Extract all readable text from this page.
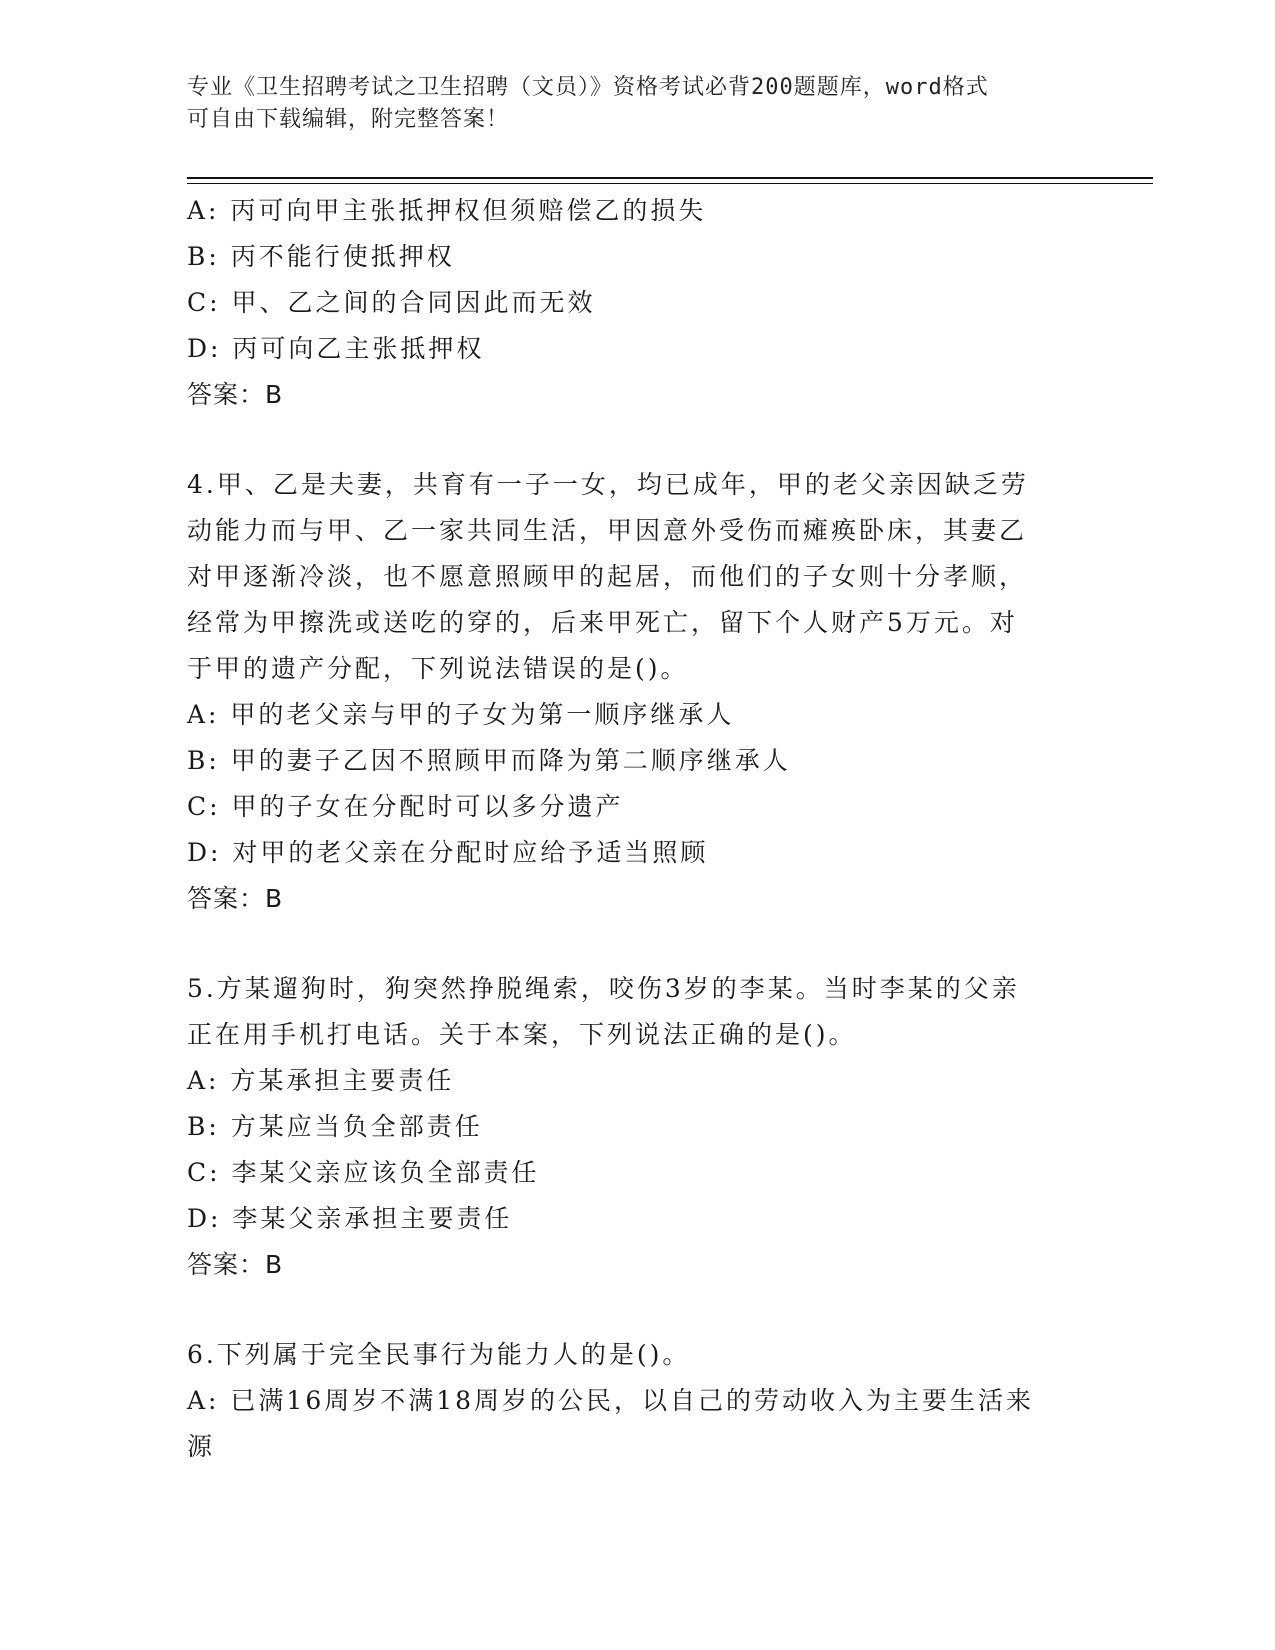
专业《卫生招聘考试之卫生招聘（文员）》资格考试必背200题题库，word格式
可自由下载编辑，附完整答案！
A: 丙可向甲主张抵押权但须赔偿乙的损失
B: 丙不能行使抵押权
C: 甲、乙之间的合同因此而无效
D: 丙可向乙主张抵押权
答案：B
4.甲、乙是夫妻，共育有一子一女，均已成年，甲的老父亲因缺乏劳
动能力而与甲、乙一家共同生活，甲因意外受伤而瘫痪卧床，其妻乙
对甲逐渐冷淡，也不愿意照顾甲的起居，而他们的子女则十分孝顺，
经常为甲擦洗或送吃的穿的，后来甲死亡，留下个人财产5万元。对
于甲的遗产分配，下列说法错误的是()。
A: 甲的老父亲与甲的子女为第一顺序继承人
B: 甲的妻子乙因不照顾甲而降为第二顺序继承人
C: 甲的子女在分配时可以多分遗产
D: 对甲的老父亲在分配时应给予适当照顾
答案：B
5.方某遛狗时，狗突然挣脱绳索，咬伤3岁的李某。当时李某的父亲
正在用手机打电话。关于本案，下列说法正确的是()。
A: 方某承担主要责任
B: 方某应当负全部责任
C: 李某父亲应该负全部责任
D: 李某父亲承担主要责任
答案：B
6.下列属于完全民事行为能力人的是()。
A: 已满16周岁不满18周岁的公民，以自己的劳动收入为主要生活来
源
